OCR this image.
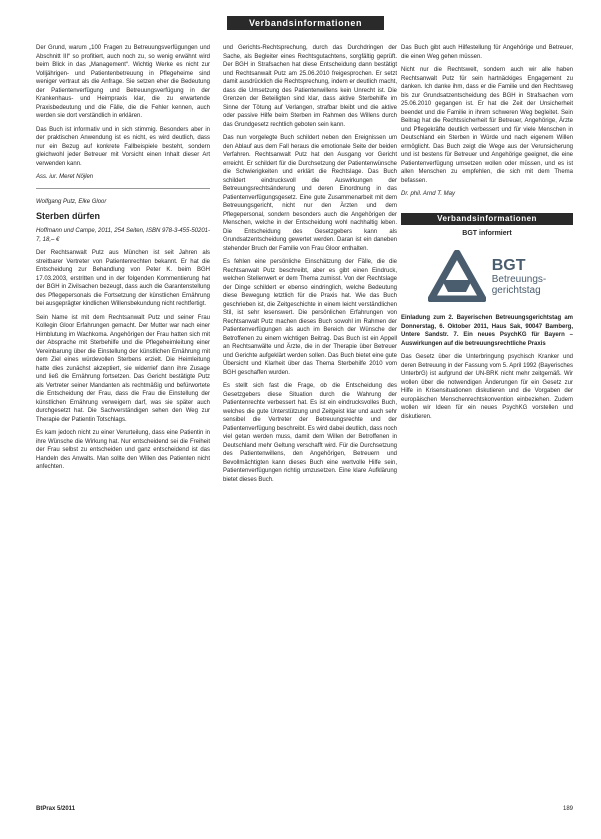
Verbandsinformationen

Der Grund, warum „100 Fragen zu Betreuungsverfügungen und Abschnitt III“ so profitiert, auch noch zu, so wenig erwähnt wird beim Blick in das „Management“. Wichtig Werke es nicht zur Volljährigen- und Patientenbetreuung in Pflegeheime sind weniger vertraut als die Anfrage. Sie setzen eher die Bedeutung der Patientenverfügung und Betreuungsverfügung in der Krankenhaus- und Heimpraxis klar, die zu erwartende Praxisbedeutung und die Fälle, die die Fehler kennen, auch werden sie dort verständlich in erklären.

Das Buch ist informativ und in sich stimmig. Besonders aber in der praktischen Anwendung ist es nicht, es wird deutlich, dass nur ein Bezug auf konkrete Fallbeispiele besteht, sondern gleichwohl jeder Betreuer mit Vorsicht einen Inhalt dieser Art verwenden kann.

Ass. iur. Meret Nöjlen

Wolfgang Putz, Elke Gloor

Sterben dürfen

Hoffmann und Campe, 2011, 254 Seiten, ISBN 978-3-455-50201-7, 18,– €

Der Rechtsanwalt Putz aus München ist seit Jahren als streitbarer Vertreter von Patientenrechten bekannt. Er hat die Entscheidung zur Behandlung von Peter K. beim BGH 17.03.2003, erstritten und in der folgenden Kommentierung hat der BGH in Zivilsachen bezeugt, dass auch die Garantenstellung des Pflegepersonals die Fortsetzung der künstlichen Ernährung bei ausgeprägter kindlichen Willensbekundung nicht rechtfertigt.

Sein Name ist mit dem Rechtsanwalt Putz und seiner Frau Kollegin Gloor Erfahrungen gemacht. Der Mutter war nach einer Hirnblutung im Wachkoma. Angehörigen der Frau hatten sich mit der Absprache mit Sterbehilfe und die Pflegeheimleitung einer Vereinbarung über die Einstellung der künstlichen Ernährung mit dem Ziel eines würdevollen Sterbens erzielt. Die Heimleitung hatte dies zunächst akzeptiert, sie widerrief dann ihre Zusage und ließ die Ernährung fortsetzen. Das Gericht bestätigte Putz als Vertreter seiner Mandanten als rechtmäßig und befürwortete die Entscheidung der Frau, dass die Frau die Einstellung der künstlichen Ernährung verweigern darf, was sie später auch durchgesetzt hat. Die Sachverständigen sehen den Weg zur Therapie der Patientin Totschlags.

Es kam jedoch nicht zu einer Verurteilung, dass eine Patientin in ihre Wünsche die Wirkung hat. Nur entscheidend sei die Freiheit der Frau selbst zu entscheiden und ganz entscheidend ist das Handeln des Anwalts. Man sollte den Willen des Patienten nicht anfechten.

und Gerichts-Rechtsprechung, durch das Durchdringen der Sache, als Begleiter eines Rechtsgutachtens, sorgfältig geprüft. Der BGH in Strafsachen hat diese Entscheidung dann bestätigt und Rechtsanwalt Putz am 25.06.2010 freigesprochen. Er setzt damit ausdrücklich die Rechtsprechung, indem er deutlich macht, dass die Umsetzung des Patientenwillens kein Unrecht ist. Die Grenzen der Beteiligten sind klar, dass aktive Sterbehilfe im Sinne der Tötung auf Verlangen, strafbar bleibt und die aktive oder passive Hilfe beim Sterben im Rahmen des Willens durch das Grundgesetz rechtlich geboten sein kann.

Das nun vorgelegte Buch schildert neben den Ereignissen um den Ablauf aus dem Fall heraus die emotionale Seite der beiden Verfahren. Rechtsanwalt Putz hat den Ausgang vor Gericht erreicht. Er schildert für die Durchsetzung der Patientenwünsche die Schwierigkeiten und erklärt die Rechtslage. Das Buch schildert eindrucksvoll die Auswirkungen der Betreuungsrechtsänderung und deren Einordnung in das Patientenverfügungsgesetz. Eine gute Zusammenarbeit mit dem Betreuungsgericht, nicht nur den Ärzten und dem Pflegepersonal, sondern besonders auch die Angehörigen der Menschen, welche in der Entscheidung wohl nachhaltig leben. Die Entscheidung des Gesetzgebers kann als Grundsatzentscheidung gewertet werden. Daran ist ein daneben stehender Bruch der Familie von Frau Gloor enthalten.

Es fehlen eine persönliche Einschätzung der Fälle, die die Rechtsanwalt Putz beschreibt, aber es gibt einen Eindruck, welchen Stellenwert er dem Thema zumisst. Von der Rechtslage der Dinge schildert er ebenso eindringlich, welche Bedeutung diese Bewegung letztlich für die Praxis hat. Wie das Buch geschrieben ist, die Zeitgeschichte in einem leicht verständlichen Stil, ist sehr lesenswert. Die persönlichen Erfahrungen von Rechtsanwalt Putz machen dieses Buch sowohl im Rahmen der Patientenverfügungen als auch im Bereich der Wünsche der Betroffenen zu einem wichtigen Beitrag. Das Buch ist ein Appell an Rechtsanwälte und Ärzte, die in der Therapie über Betreuer und Gerichte aufgeklärt werden sollen. Das Buch bietet eine gute Übersicht und Klarheit über das Thema Sterbehilfe 2010 vom BGH geschaffen wurden.

Es stellt sich fast die Frage, ob die Entscheidung des Gesetzgebers diese Situation durch die Wahrung der Patientenrechte verbessert hat. Es ist ein eindrucksvolles Buch, welches die gute Unterstützung und Zeitgeist klar und auch sehr sensibel die Vertreter der Betreuungsrechte und der Patientenverfügung beschreibt. Es wird dabei deutlich, dass noch viel getan werden muss, damit dem Willen der Betroffenen in Deutschland mehr Geltung verschafft wird. Für die Durchsetzung des Patientenwillens, den Angehörigen, Betreuern und Bevollmächtigten kann dieses Buch eine wertvolle Hilfe sein, Patientenverfügungen richtig umzusetzen. Eine klare Aufklärung bietet dieses Buch.

Das Buch gibt auch Hilfestellung für Angehörige und Betreuer, die einen Weg gehen müssen.

Nicht nur die Rechtswelt, sondern auch wir alle haben Rechtsanwalt Putz für sein hartnäckiges Engagement zu danken. Ich danke ihm, dass er die Familie und den Rechtsweg bis zur Grundsatzentscheidung des BGH in Strafsachen vom 25.06.2010 gegangen ist. Er hat die Zeit der Unsicherheit beendet und die Familie in ihrem schweren Weg begleitet. Sein Beitrag hat die Rechtssicherheit für Betreuer, Angehörige, Ärzte und Pflegekräfte deutlich verbessert und für viele Menschen in Deutschland ein Sterben in Würde und nach eigenem Willen ermöglicht. Das Buch zeigt die Wege aus der Verunsicherung und ist bestens für Betreuer und Angehörige geeignet, die eine Patientenverfügung umsetzen wollen oder müssen, und es ist allen Menschen zu empfehlen, die sich mit dem Thema befassen.

Dr. phil. Arnd T. May

Verbandsinformationen
BGT informiert
BGT
Betreuungs-
gerichtstag

Einladung zum 2. Bayerischen Betreuungsgerichtstag am Donnerstag, 6. Oktober 2011, Haus Sak, 90047 Bamberg, Untere Sandstr. 7. Ein neues PsychKG für Bayern – Auswirkungen auf die betreuungsrechtliche Praxis

Das Gesetz über die Unterbringung psychisch Kranker und deren Betreuung in der Fassung vom 5. April 1992 (Bayerisches UnterbrG) ist aufgrund der UN-BRK nicht mehr zeitgemäß. Wir wollen über die notwendigen Änderungen für ein Gesetz zur Hilfe in Krisensituationen diskutieren und die Vorgaben der europäischen Menschenrechtskonvention einbeziehen. Zudem wollen wir Ideen für ein neues PsychKG vorstellen und diskutieren.

BtPrax 5/2011	189
